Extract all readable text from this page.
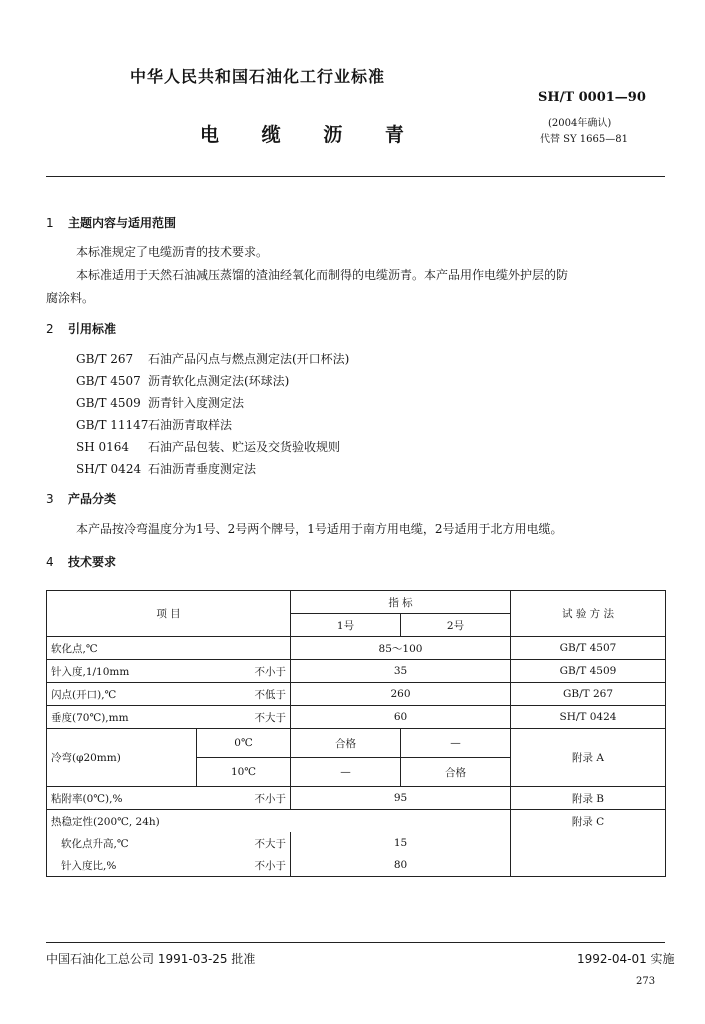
中华人民共和国石油化工行业标准
SH/T 0001—90
电 缆 沥 青
(2004年确认)
代替 SY 1665—81
1 主题内容与适用范围
本标准规定了电缆沥青的技术要求。
本标准适用于天然石油减压蒸馏的渣油经氧化而制得的电缆沥青。本产品用作电缆外护层的防
腐涂料。
2 引用标准
GB/T 267 石油产品闪点与燃点测定法(开口杯法)
GB/T 4507 沥青软化点测定法(环球法)
GB/T 4509 沥青针入度测定法
GB/T 11147石油沥青取样法
SH 0164 石油产品包装、贮运及交货验收规则
SH/T 0424 石油沥青垂度测定法
3 产品分类
本产品按冷弯温度分为1号、2号两个牌号，1号适用于南方用电缆，2号适用于北方用电缆。
4 技术要求
项 目		指 标		试 验 方 法
		1号	2号	
软化点,℃		85～100		GB/T 4507
针入度,1/10mm	不小于	35		GB/T 4509
闪点(开口),℃	不低于	260		GB/T 267
垂度(70℃),mm	不大于	60		SH/T 0424
冷弯(φ20mm)	0℃	合格	—	附录 A
	10℃	—	合格	
粘附率(0℃),%	不小于	95		附录 B
热稳定性(200℃, 24h)				附录 C
软化点升高,℃	不大于	15		
针入度比,%	不小于	80		
中国石油化工总公司 1991-03-25 批准	1992-04-01 实施
273
